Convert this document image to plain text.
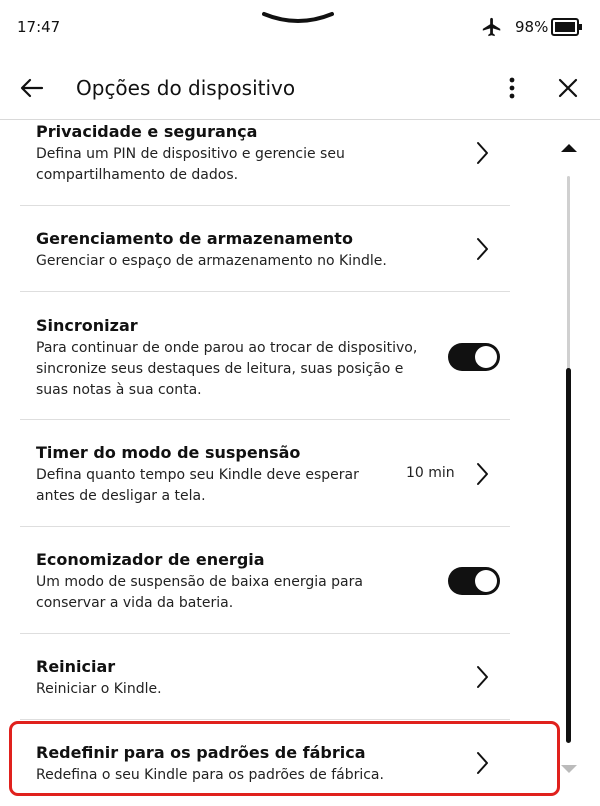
17:47	98%
Opções do dispositivo
Privacidade e segurança
Defina um PIN de dispositivo e gerencie seu compartilhamento de dados.
Gerenciamento de armazenamento
Gerenciar o espaço de armazenamento no Kindle.
Sincronizar
Para continuar de onde parou ao trocar de dispositivo, sincronize seus destaques de leitura, suas posição e suas notas à sua conta.
Timer do modo de suspensão
Defina quanto tempo seu Kindle deve esperar antes de desligar a tela.
10 min
Economizador de energia
Um modo de suspensão de baixa energia para conservar a vida da bateria.
Reiniciar
Reiniciar o Kindle.
Redefinir para os padrões de fábrica
Redefina o seu Kindle para os padrões de fábrica.
